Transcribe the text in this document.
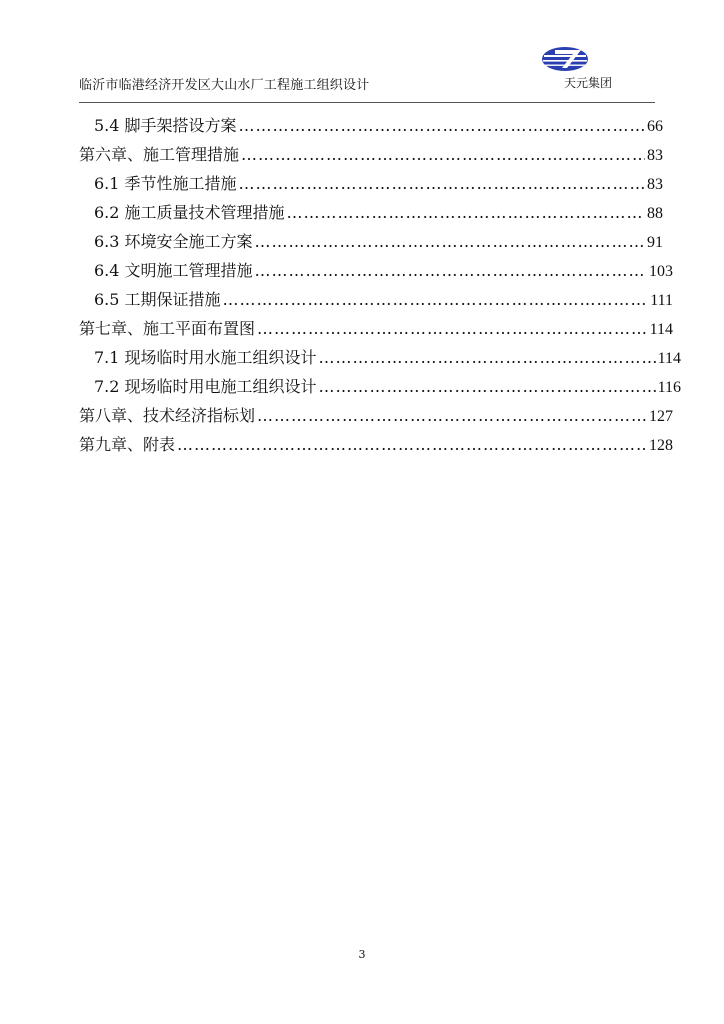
临沂市临港经济开发区大山水厂工程施工组织设计	天元集团
5.4 脚手架搭设方案 ……………………………………………………………………………………………………………………………………………………………	66
第六章、施工管理措施 ……………………………………………………………………………………………………………………………………………………………	83
6.1 季节性施工措施 ……………………………………………………………………………………………………………………………………………………………	83
6.2 施工质量技术管理措施 ……………………………………………………………………………………………………………………………………………………………	88
6.3 环境安全施工方案 ……………………………………………………………………………………………………………………………………………………………	91
6.4 文明施工管理措施 ……………………………………………………………………………………………………………………………………………………………	103
6.5 工期保证措施 ……………………………………………………………………………………………………………………………………………………………	111
第七章、施工平面布置图 ……………………………………………………………………………………………………………………………………………………………	114
7.1 现场临时用水施工组织设计 ……………………………………………………………………………………………………………………………………………………………	114
7.2 现场临时用电施工组织设计 ……………………………………………………………………………………………………………………………………………………………	116
第八章、技术经济指标划 ……………………………………………………………………………………………………………………………………………………………	127
第九章、附表 ……………………………………………………………………………………………………………………………………………………………	128
3
